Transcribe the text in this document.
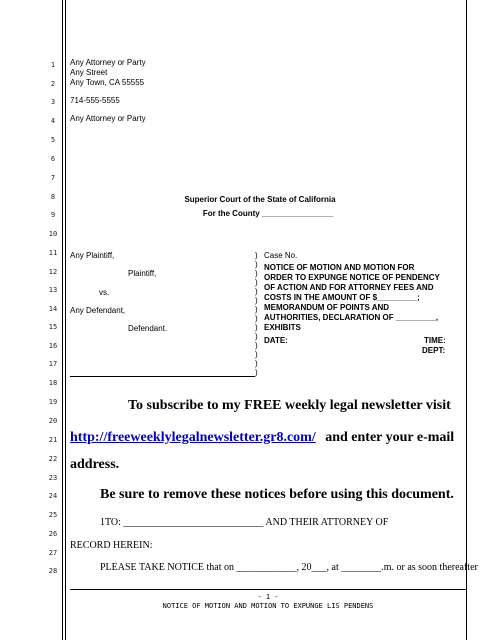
1
2
3
4
5
6
7
8
9
10
11
12
13
14
15
16
17
18
19
20
21
22
23
24
25
26
27
28
Any Attorney or Party
Any Street
Any Town, CA 55555
714-555-5555
Any Attorney or Party
Superior Court of the State of California
For the County ________________
Any Plaintiff,
Plaintiff,
vs.
Any Defendant,
Defendant.
)
)
)
)
)
)
)
)
)
)
)
)
)
)
Case No.
NOTICE OF MOTION AND MOTION FOR
ORDER TO EXPUNGE NOTICE OF PENDENCY
OF ACTION AND FOR ATTORNEY FEES AND
COSTS IN THE AMOUNT OF $_________;
MEMORANDUM OF POINTS AND
AUTHORITIES, DECLARATION OF _________,
EXHIBITS
DATE:	TIME:
DEPT:
To subscribe to my FREE weekly legal newsletter visit
http://freeweeklylegalnewsletter.gr8.com/ and enter your e-mail
address.
Be sure to remove these notices before using this document.
1TO: ____________________________ AND THEIR ATTORNEY OF
RECORD HEREIN:
PLEASE TAKE NOTICE that on ____________, 20___, at ________.m. or as soon thereafter
- 1 -
NOTICE OF MOTION AND MOTION TO EXPUNGE LIS PENDENS
